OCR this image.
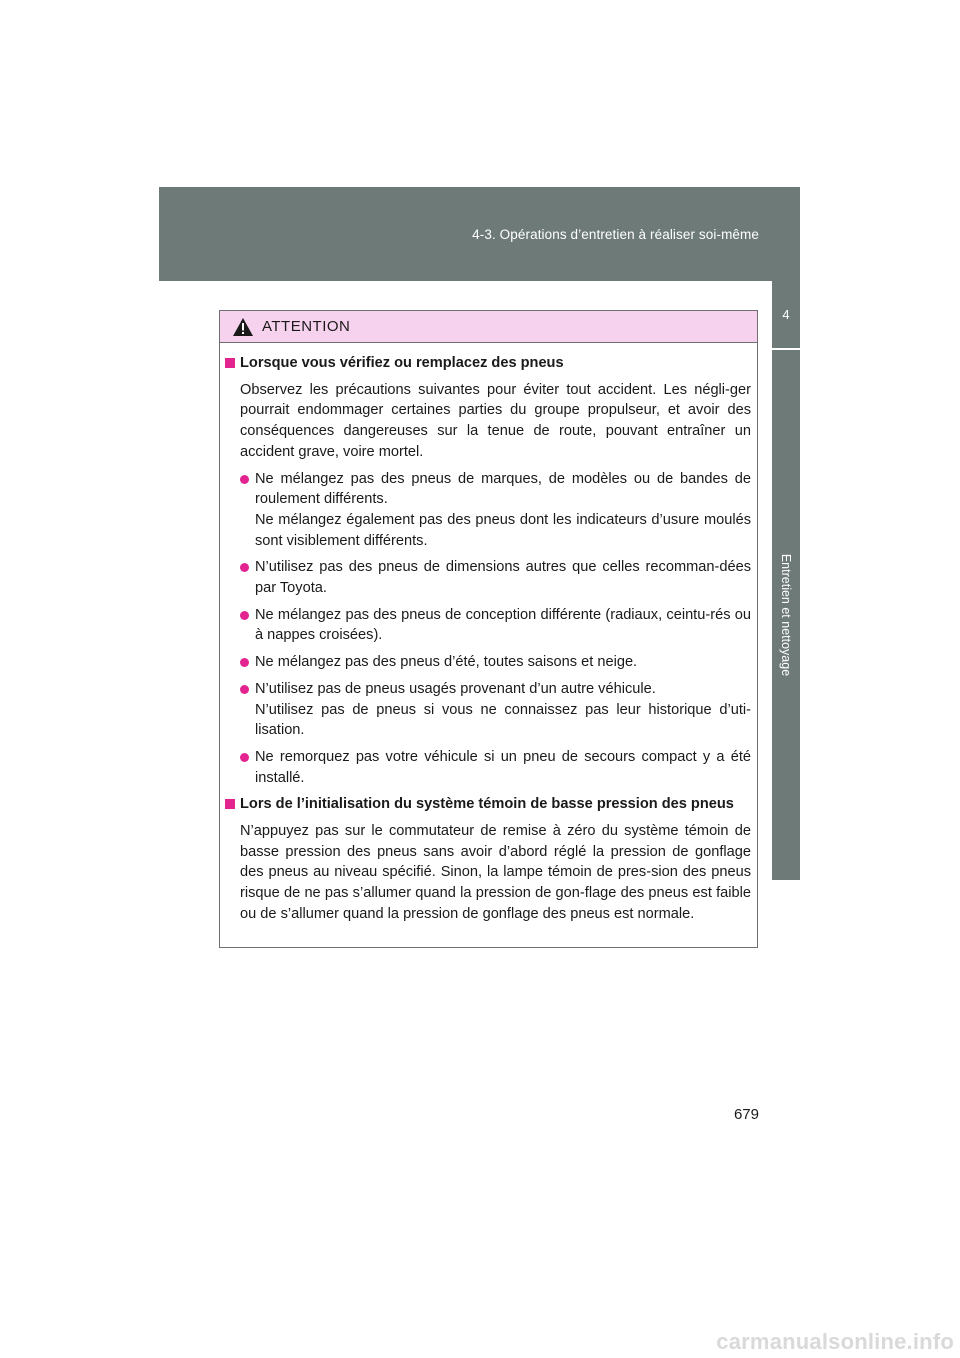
4-3. Opérations d’entretien à réaliser soi-même
4
Entretien et nettoyage
ATTENTION
Lorsque vous vérifiez ou remplacez des pneus
Observez les précautions suivantes pour éviter tout accident. Les négli-ger pourrait endommager certaines parties du groupe propulseur, et avoir des conséquences dangereuses sur la tenue de route, pouvant entraîner un accident grave, voire mortel.

Ne mélangez pas des pneus de marques, de modèles ou de bandes de roulement différents.

Ne mélangez également pas des pneus dont les indicateurs d’usure moulés sont visiblement différents.

N’utilisez pas des pneus de dimensions autres que celles recomman-dées par Toyota.

Ne mélangez pas des pneus de conception différente (radiaux, ceintu-rés ou à nappes croisées).

Ne mélangez pas des pneus d’été, toutes saisons et neige.

N’utilisez pas de pneus usagés provenant d’un autre véhicule.

N’utilisez pas de pneus si vous ne connaissez pas leur historique d’uti-lisation.

Ne remorquez pas votre véhicule si un pneu de secours compact y a été installé.

Lors de l’initialisation du système témoin de basse pression des pneus
N’appuyez pas sur le commutateur de remise à zéro du système témoin de basse pression des pneus sans avoir d’abord réglé la pression de gonflage des pneus au niveau spécifié. Sinon, la lampe témoin de pres-sion des pneus risque de ne pas s’allumer quand la pression de gon-flage des pneus est faible ou de s’allumer quand la pression de gonflage des pneus est normale.
679
carmanualsonline.info
